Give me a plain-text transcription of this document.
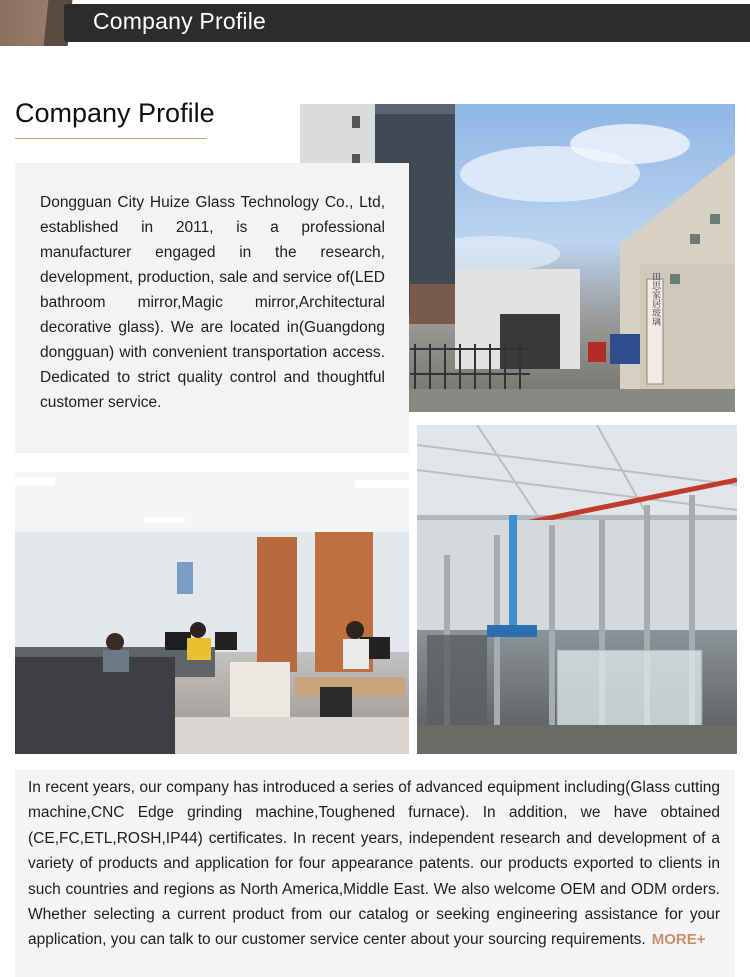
Company Profile
Company Profile
田思家居玻璃

Dongguan City Huize Glass Technology Co., Ltd, established in 2011, is a professional manufacturer engaged in the research, development, production, sale and service of(LED bathroom mirror,Magic mirror,Architectural decorative glass). We are located in(Guangdong dongguan) with convenient transportation access. Dedicated to strict quality control and thoughtful customer service.

In recent years, our company has introduced a series of advanced equipment including(Glass cutting machine,CNC Edge grinding machine,Toughened furnace). In addition, we have obtained (CE,FC,ETL,ROSH,IP44) certificates. In recent years, independent research and development of a variety of products and application for four appearance patents. our products exported to clients in such countries and regions as North America,Middle East. We also welcome OEM and ODM orders. Whether selecting a current product from our catalog or seeking engineering assistance for your application, you can talk to our customer service center about your sourcing requirements. MORE+
